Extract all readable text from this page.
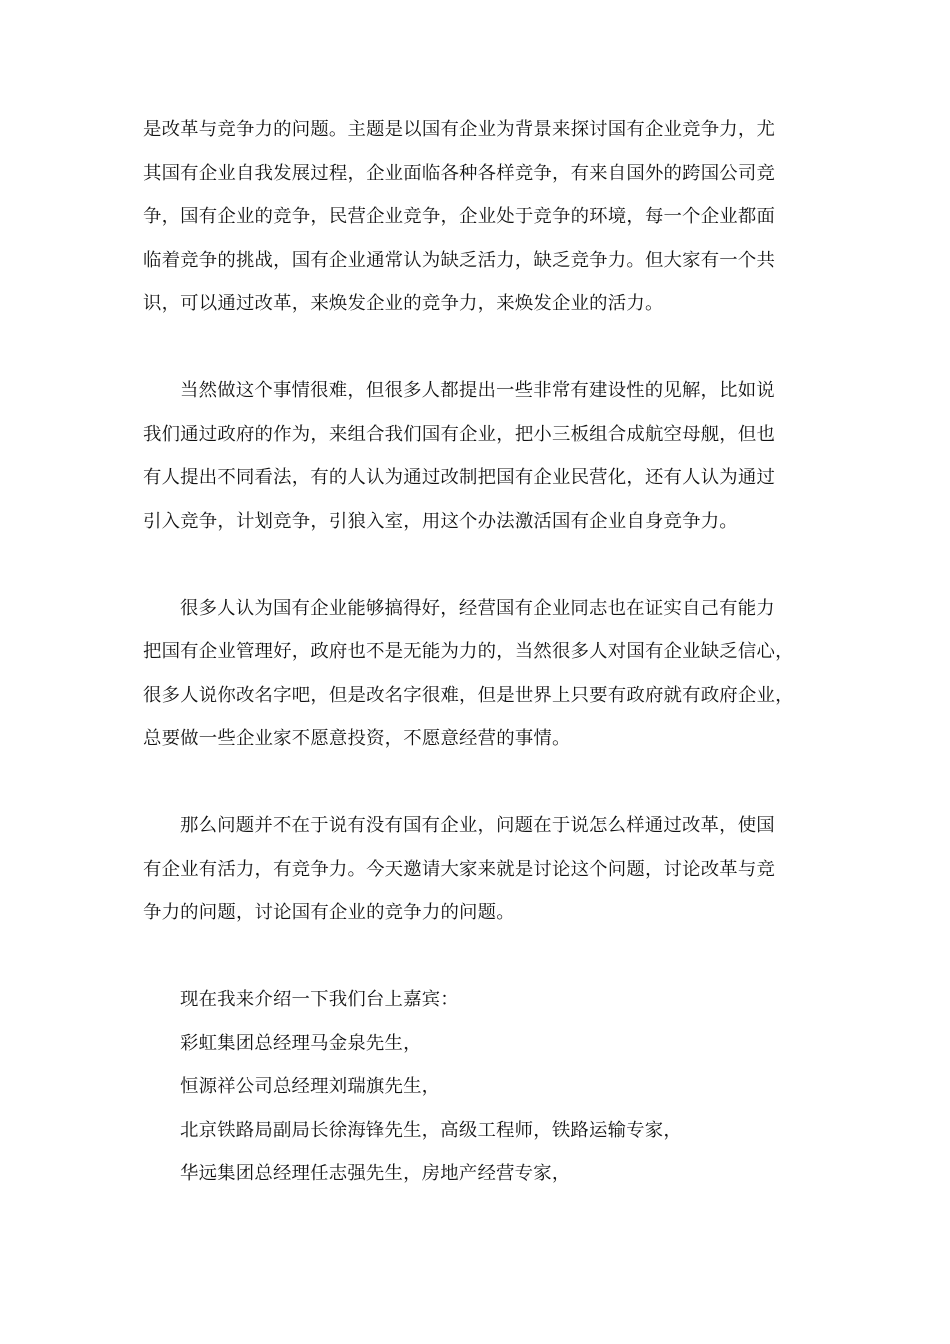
是改革与竞争力的问题。主题是以国有企业为背景来探讨国有企业竞争力，尤
其国有企业自我发展过程，企业面临各种各样竞争，有来自国外的跨国公司竞
争，国有企业的竞争，民营企业竞争，企业处于竞争的环境，每一个企业都面
临着竞争的挑战，国有企业通常认为缺乏活力，缺乏竞争力。但大家有一个共
识，可以通过改革，来焕发企业的竞争力，来焕发企业的活力。

当然做这个事情很难，但很多人都提出一些非常有建设性的见解，比如说
我们通过政府的作为，来组合我们国有企业，把小三板组合成航空母舰，但也
有人提出不同看法，有的人认为通过改制把国有企业民营化，还有人认为通过
引入竞争，计划竞争，引狼入室，用这个办法激活国有企业自身竞争力。

很多人认为国有企业能够搞得好，经营国有企业同志也在证实自己有能力
把国有企业管理好，政府也不是无能为力的，当然很多人对国有企业缺乏信心，
很多人说你改名字吧，但是改名字很难，但是世界上只要有政府就有政府企业，
总要做一些企业家不愿意投资，不愿意经营的事情。

那么问题并不在于说有没有国有企业，问题在于说怎么样通过改革，使国
有企业有活力，有竞争力。今天邀请大家来就是讨论这个问题，讨论改革与竞
争力的问题，讨论国有企业的竞争力的问题。

现在我来介绍一下我们台上嘉宾：

彩虹集团总经理马金泉先生，
恒源祥公司总经理刘瑞旗先生，
北京铁路局副局长徐海锋先生，高级工程师，铁路运输专家，
华远集团总经理任志强先生，房地产经营专家，
